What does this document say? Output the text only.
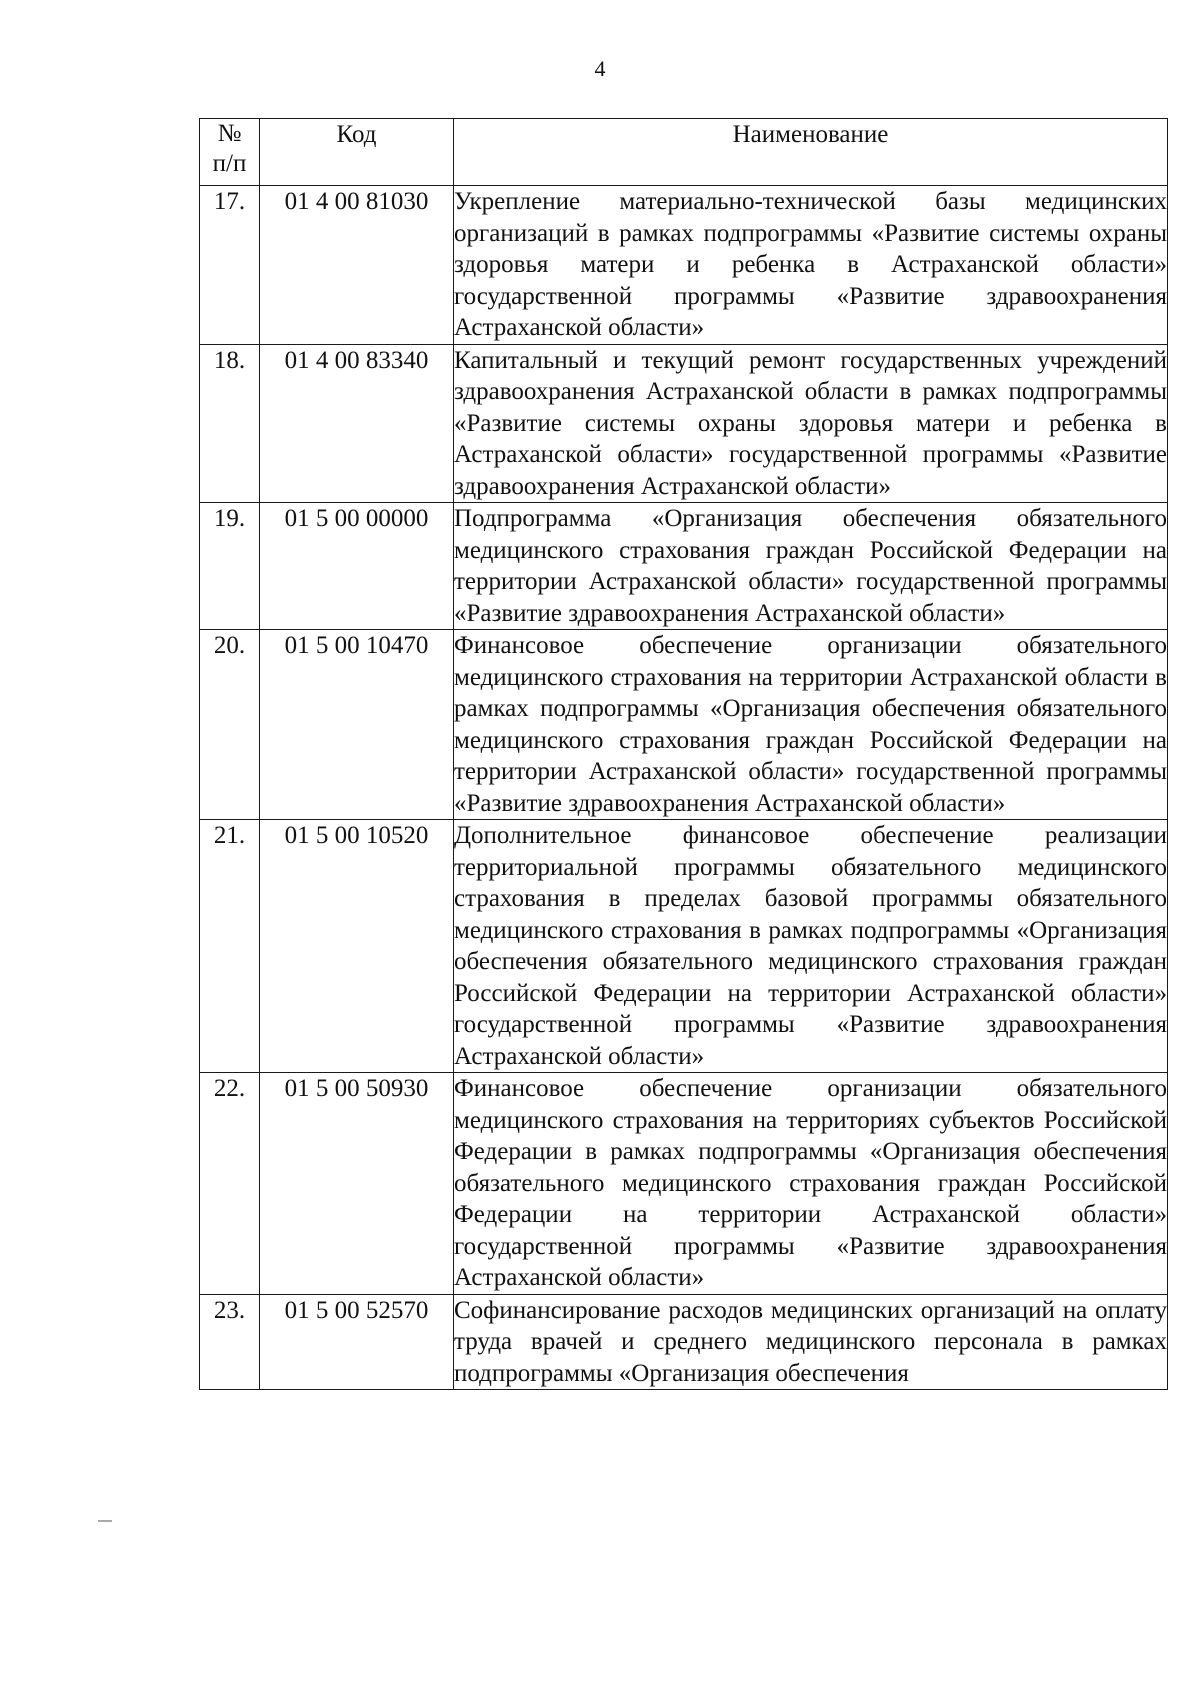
4
№
п/п	Код	Наименование
17.	01 4 00 81030	Укрепление материально-технической базы медицинских организаций в рамках подпрограммы «Развитие системы охраны здоровья матери и ребенка в Астраханской области» государственной программы «Развитие здравоохранения Астраханской области»
18.	01 4 00 83340	Капитальный и текущий ремонт государственных учреждений здравоохранения Астраханской области в рамках подпрограммы «Развитие системы охраны здоровья матери и ребенка в Астраханской области» государственной программы «Развитие здравоохранения Астраханской области»
19.	01 5 00 00000	Подпрограмма «Организация обеспечения обязательного медицинского страхования граждан Российской Федерации на территории Астраханской области» государственной программы «Развитие здравоохранения Астраханской области»
20.	01 5 00 10470	Финансовое обеспечение организации обязательного медицинского страхования на территории Астраханской области в рамках подпрограммы «Организация обеспечения обязательного медицинского страхования граждан Российской Федерации на территории Астраханской области» государственной программы «Развитие здравоохранения Астраханской области»
21.	01 5 00 10520	Дополнительное финансовое обеспечение реализации территориальной программы обязательного медицинского страхования в пределах базовой программы обязательного медицинского страхования в рамках подпрограммы «Организация обеспечения обязательного медицинского страхования граждан Российской Федерации на территории Астраханской области» государственной программы «Развитие здравоохранения Астраханской области»
22.	01 5 00 50930	Финансовое обеспечение организации обязательного медицинского страхования на территориях субъектов Российской Федерации в рамках подпрограммы «Организация обеспечения обязательного медицинского страхования граждан Российской Федерации на территории Астраханской области» государственной программы «Развитие здравоохранения Астраханской области»
23.	01 5 00 52570	Софинансирование расходов медицинских организаций на оплату труда врачей и среднего медицинского персонала в рамках подпрограммы «Организация обеспечения
